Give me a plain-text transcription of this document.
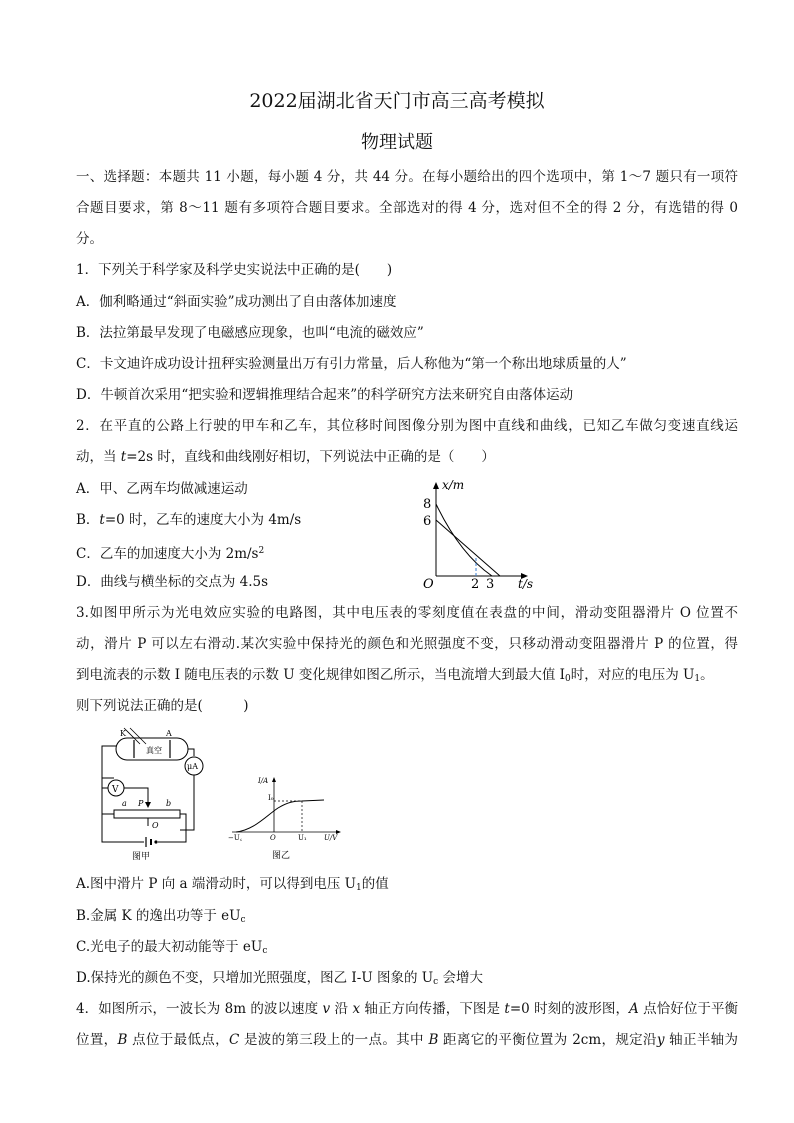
2022届湖北省天门市高三高考模拟
物理试题
一、选择题：本题共 11 小题，每小题 4 分，共 44 分。在每小题给出的四个选项中，第 1～7 题只有一项符
合题目要求，第 8～11 题有多项符合题目要求。全部选对的得 4 分，选对但不全的得 2 分，有选错的得 0
分。
1．下列关于科学家及科学史实说法中正确的是(　　)
A．伽利略通过“斜面实验”成功测出了自由落体加速度
B．法拉第最早发现了电磁感应现象，也叫“电流的磁效应”
C．卡文迪许成功设计扭秤实验测量出万有引力常量，后人称他为“第一个称出地球质量的人”
D．牛顿首次采用“把实验和逻辑推理结合起来”的科学研究方法来研究自由落体运动
2．在平直的公路上行驶的甲车和乙车，其位移时间图像分别为图中直线和曲线，已知乙车做匀变速直线运
动，当 t=2s 时，直线和曲线刚好相切，下列说法中正确的是（　　）
A．甲、乙两车均做减速运动
B．t=0 时，乙车的速度大小为 4m/s
C．乙车的加速度大小为 $2m/s^2$
D．曲线与横坐标的交点为 4.5s
x/m
8
6
O	2 3 t/s
3.如图甲所示为光电效应实验的电路图，其中电压表的零刻度值在表盘的中间，滑动变阻器滑片 O 位置不
动，滑片 P 可以左右滑动.某次实验中保持光的颜色和光照强度不变，只移动滑动变阻器滑片 P 的位置，得
到电流表的示数 I 随电压表的示数 U 变化规律如图乙所示，当电流增大到最大值 $I_0$时，对应的电压为 $U_1$。
则下列说法正确的是(　　　)
K	A
真空
μA
V
a P	b
O
图甲
I/A
I₀
−U꜀	O	U₁ U/V
图乙
A.图中滑片 P 向 a 端滑动时，可以得到电压 $U_1$的值
B.金属 K 的逸出功等于 $eU_c$
C.光电子的最大初动能等于 $eU_c$
D.保持光的颜色不变，只增加光照强度，图乙 I-U 图象的 $U_c$ 会增大
4．如图所示，一波长为 8m 的波以速度 v 沿 x 轴正方向传播，下图是 t=0 时刻的波形图，A 点恰好位于平衡
位置，B 点位于最低点，C 是波的第三段上的一点。其中 B 距离它的平衡位置为 2cm，规定沿y 轴正半轴为
